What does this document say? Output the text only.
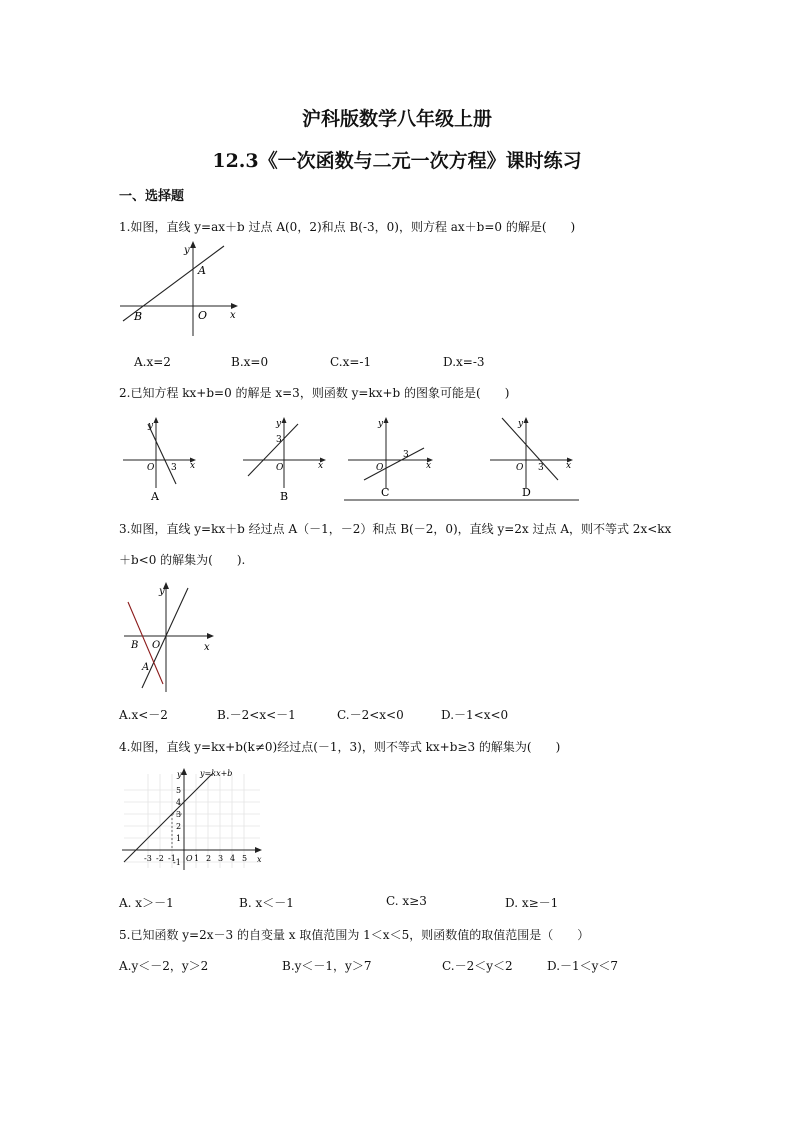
沪科版数学八年级上册
12.3《一次函数与二元一次方程》课时练习
一、选择题
1.如图，直线 y=ax＋b 过点 A(0，2)和点 B(-3，0)，则方程 ax＋b=0 的解是(　　)
y
A
B	O x
A.x=2	B.x=0	C.x=-1	D.x=-3
2.已知方程 kx+b=0 的解是 x=3，则函数 y=kx+b 的图象可能是(　　)
y
O 3 x
A
y
3
O	x
B
y
3
O	x
C
y
O 3 x
D
3.如图，直线 y=kx＋b 经过点 A（－1，－2）和点 B(－2，0)，直线 y=2x 过点 A，则不等式 2x<kx
＋b<0 的解集为(　　).
y
x
B O
A
A.x<－2	B.－2<x<－1	C.－2<x<0	D.－1<x<0
4.如图，直线 y=kx+b(k≠0)经过点(－1，3)，则不等式 kx+b≥3 的解集为(　　)
y=kx+b
y
x
5
4
3
2
1
-1
-3 -2 -1 O 1 2 3 4 5
A. x＞－1	B. x＜－1	C. x≥3	D. x≥－1
5.已知函数 y=2x－3 的自变量 x 取值范围为 1＜x＜5，则函数值的取值范围是（　　）
A.y＜－2，y＞2	B.y＜－1，y＞7	C.－2＜y＜2	D.－1＜y＜7
